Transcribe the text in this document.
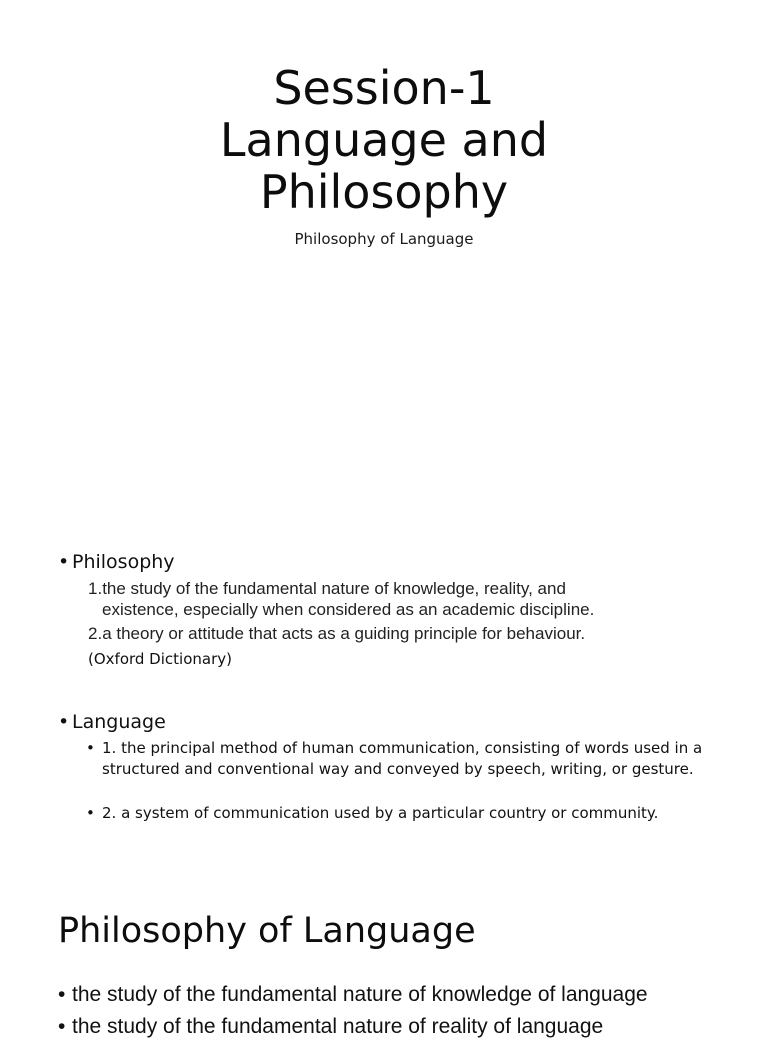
Session-1
Language and
Philosophy
Philosophy of Language
• Philosophy
1.the study of the fundamental nature of knowledge, reality, and
existence, especially when considered as an academic discipline.
2.a theory or attitude that acts as a guiding principle for behaviour.
(Oxford Dictionary)
• Language
• 1. the principal method of human communication, consisting of words used in a structured and conventional way and conveyed by speech, writing, or gesture.
• 2. a system of communication used by a particular country or community.
Philosophy of Language
• the study of the fundamental nature of knowledge of language
• the study of the fundamental nature of reality of language
